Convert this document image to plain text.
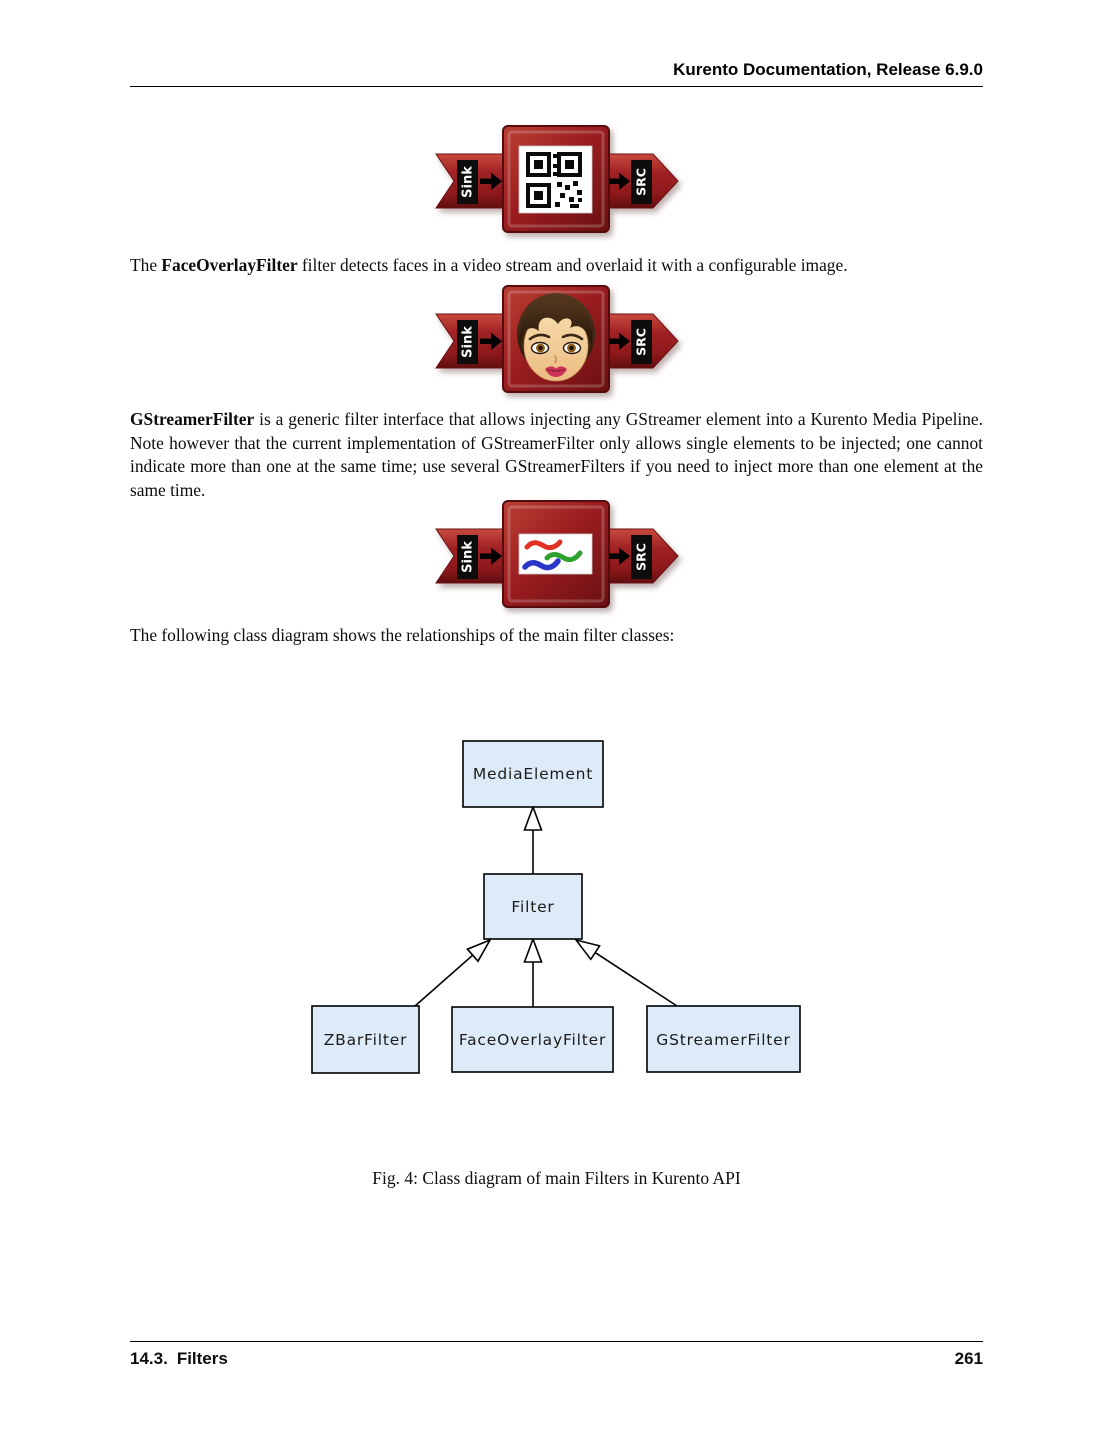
Kurento Documentation, Release 6.9.0
Sink	SRC

The FaceOverlayFilter filter detects faces in a video stream and overlaid it with a configurable image.

Sink	SRC

GStreamerFilter is a generic filter interface that allows injecting any GStreamer element into a Kurento Media Pipeline. Note however that the current implementation of GStreamerFilter only allows single elements to be injected; one cannot indicate more than one at the same time; use several GStreamerFilters if you need to inject more than one element at the same time.

Sink	SRC

The following class diagram shows the relationships of the main filter classes:

MediaElement
Filter
ZBarFilter	FaceOverlayFilter	GStreamerFilter

Fig. 4: Class diagram of main Filters in Kurento API

14.3. Filters	261
